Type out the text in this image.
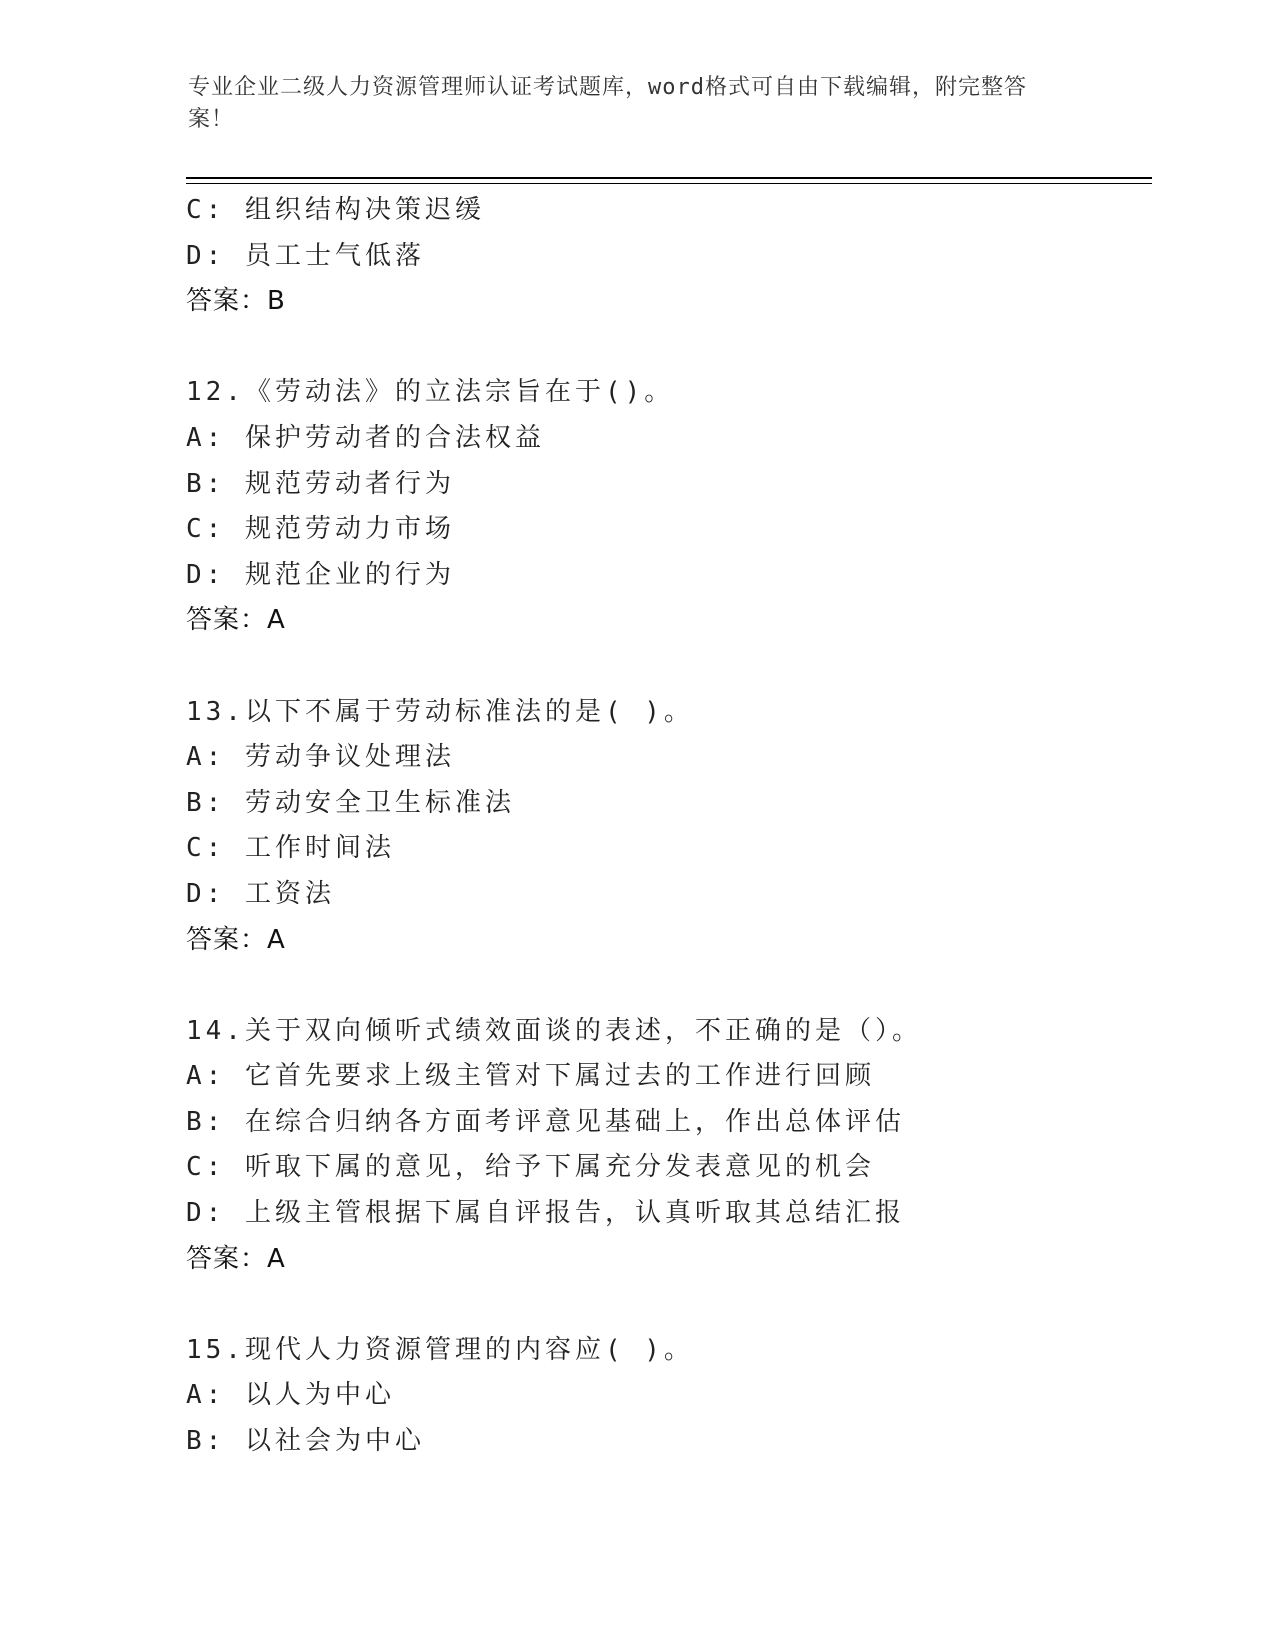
专业企业二级人力资源管理师认证考试题库，word格式可自由下载编辑，附完整答案！
C: 组织结构决策迟缓
D: 员工士气低落
答案：B
12.《劳动法》的立法宗旨在于()。
A: 保护劳动者的合法权益
B: 规范劳动者行为
C: 规范劳动力市场
D: 规范企业的行为
答案：A
13.以下不属于劳动标准法的是( )。
A: 劳动争议处理法
B: 劳动安全卫生标准法
C: 工作时间法
D: 工资法
答案：A
14.关于双向倾听式绩效面谈的表述，不正确的是（）。
A: 它首先要求上级主管对下属过去的工作进行回顾
B: 在综合归纳各方面考评意见基础上，作出总体评估
C: 听取下属的意见，给予下属充分发表意见的机会
D: 上级主管根据下属自评报告，认真听取其总结汇报
答案：A
15.现代人力资源管理的内容应( )。
A: 以人为中心
B: 以社会为中心
